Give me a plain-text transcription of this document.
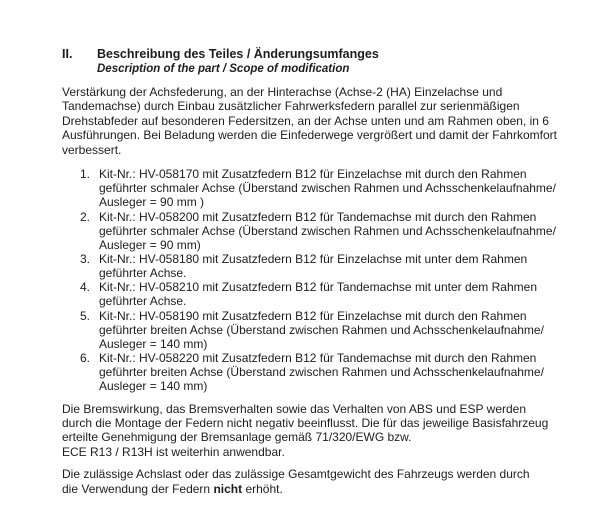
II.	Beschreibung des Teiles / Änderungsumfanges
Description of the part / Scope of modification

Verstärkung der Achsfederung, an der Hinterachse (Achse-2 (HA) Einzelachse und
Tandemachse) durch Einbau zusätzlicher Fahrwerksfedern parallel zur serienmäßigen
Drehstabfeder auf besonderen Federsitzen, an der Achse unten und am Rahmen oben, in 6
Ausführungen. Bei Beladung werden die Einfederwege vergrößert und damit der Fahrkomfort
verbessert.

1. Kit-Nr.: HV-058170 mit Zusatzfedern B12 für Einzelachse mit durch den Rahmen
geführter schmaler Achse (Überstand zwischen Rahmen und Achsschenkelaufnahme/
Ausleger = 90 mm )
2. Kit-Nr.: HV-058200 mit Zusatzfedern B12 für Tandemachse mit durch den Rahmen
geführter schmaler Achse (Überstand zwischen Rahmen und Achsschenkelaufnahme/
Ausleger = 90 mm)
3. Kit-Nr.: HV-058180 mit Zusatzfedern B12 für Einzelachse mit unter dem Rahmen
geführter Achse.
4. Kit-Nr.: HV-058210 mit Zusatzfedern B12 für Tandemachse mit unter dem Rahmen
geführter Achse.
5. Kit-Nr.: HV-058190 mit Zusatzfedern B12 für Einzelachse mit durch den Rahmen
geführter breiten Achse (Überstand zwischen Rahmen und Achsschenkelaufnahme/
Ausleger = 140 mm)
6. Kit-Nr.: HV-058220 mit Zusatzfedern B12 für Tandemachse mit durch den Rahmen
geführter breiten Achse (Überstand zwischen Rahmen und Achsschenkelaufnahme/
Ausleger = 140 mm)

Die Bremswirkung, das Bremsverhalten sowie das Verhalten von ABS und ESP werden
durch die Montage der Federn nicht negativ beeinflusst. Die für das jeweilige Basisfahrzeug
erteilte Genehmigung der Bremsanlage gemäß 71/320/EWG bzw.
ECE R13 / R13H ist weiterhin anwendbar.

Die zulässige Achslast oder das zulässige Gesamtgewicht des Fahrzeugs werden durch
die Verwendung der Federn nicht erhöht.
